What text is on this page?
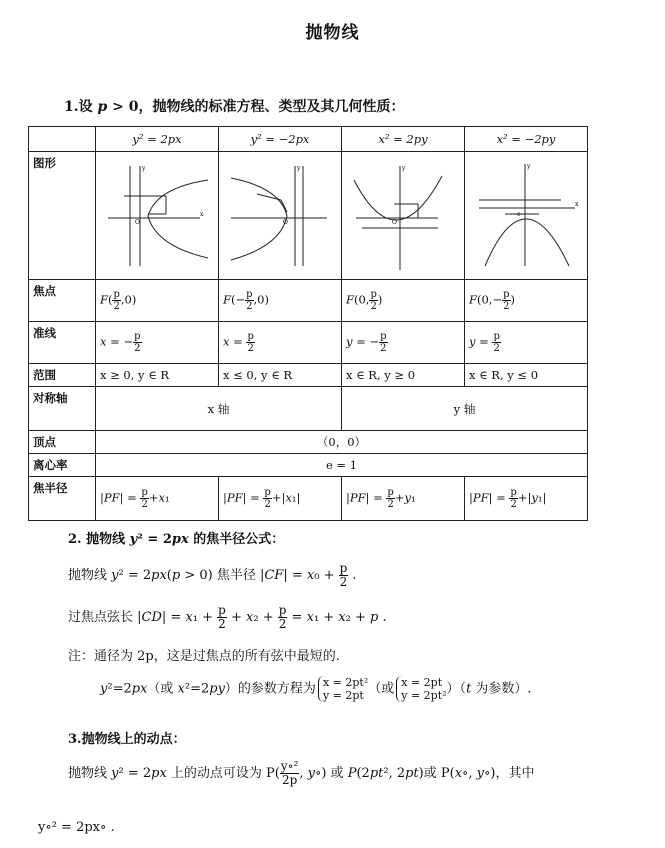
抛物线
1.设 p > 0，抛物线的标准方程、类型及其几何性质：
	y² = 2px	y² = −2px	x² = 2py	x² = −2py
图形	x
y
O	y
O	y
O	x
y
o

焦点	$F( \frac{p}{2} ,0)$	$F(- \frac{p}{2} ,0)$	F(0, $\frac{p}{2}$ )	$F(0,- \frac{p}{2}$ )
准线	x = − $\frac{p}{2}$	$x = \frac{p}{2}$	y = − $\frac{p}{2}$	$y = \frac{p}{2}$

范围	x ≥ 0, y ∈ R	x ≤ 0, y ∈ R	x ∈ R, y ≥ 0	x ∈ R, y ≤ 0
对称轴	x 轴		y 轴	
顶点	（0，0）			
离心率	e = 1			
焦半径	$|PF| = \frac{p}{2} +x_1$	$|PF| = \frac{p}{2} +|x_1|$	$|PF| = \frac{p}{2} +y_1$	$|PF| = \frac{p}{2} +|y_1|$
2. 抛物线 y² = 2px 的焦半径公式：
抛物线 y² = 2px(p > 0) 焦半径 $|CF| = x_0 + \frac{p}{2}$ .
过焦点弦长 $|CD| = x_1 + \frac{p}{2} + x_2 + \frac{p}{2} = x_1 + x_2 + p$ .
注：通径为 2p，这是过焦点的所有弦中最短的.
y²=2px（或 x²=2py）的参数方程为 x = 2pt²
y = 2pt （或 x = 2pt
y = 2pt²）（t 为参数）.
3.抛物线上的动点：
抛物线 y² = 2px 上的动点可设为 $P( \frac{\text{y∘²}}{2p}$ , y∘) 或 P(2pt², 2pt)或 P(x∘, y∘)，其中
y∘² = 2px∘ .
